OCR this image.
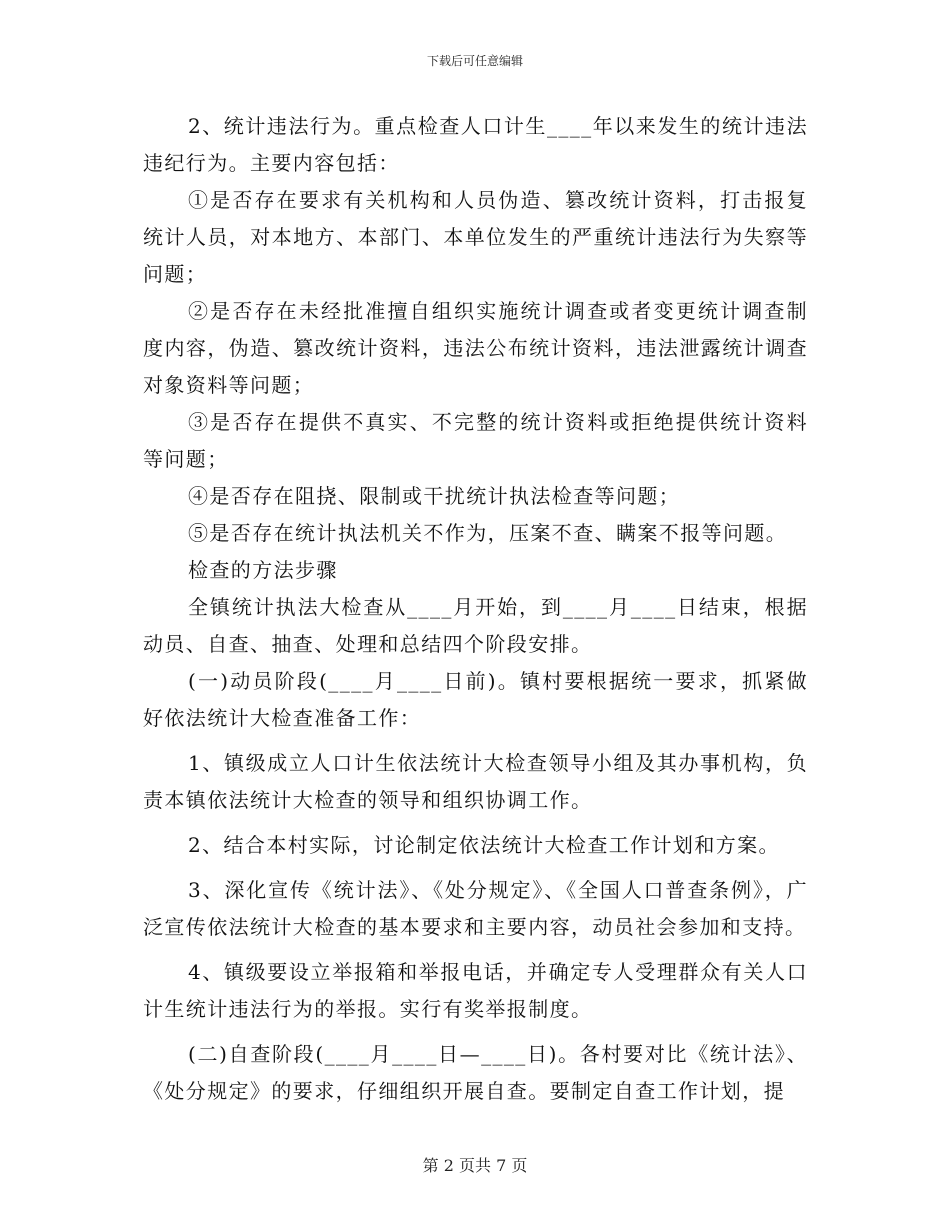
下载后可任意编辑

2、统计违法行为。重点检查人口计生____年以来发生的统计违法违纪行为。主要内容包括：

①是否存在要求有关机构和人员伪造、篡改统计资料，打击报复统计人员，对本地方、本部门、本单位发生的严重统计违法行为失察等问题；

②是否存在未经批准擅自组织实施统计调查或者变更统计调查制度内容，伪造、篡改统计资料，违法公布统计资料，违法泄露统计调查对象资料等问题；

③是否存在提供不真实、不完整的统计资料或拒绝提供统计资料等问题；

④是否存在阻挠、限制或干扰统计执法检查等问题；

⑤是否存在统计执法机关不作为，压案不查、瞒案不报等问题。

检查的方法步骤

全镇统计执法大检查从____月开始，到____月____日结束，根据动员、自查、抽查、处理和总结四个阶段安排。

(一)动员阶段(____月____日前)。镇村要根据统一要求，抓紧做好依法统计大检查准备工作：

1、镇级成立人口计生依法统计大检查领导小组及其办事机构，负责本镇依法统计大检查的领导和组织协调工作。

2、结合本村实际，讨论制定依法统计大检查工作计划和方案。

3、深化宣传《统计法》、《处分规定》、《全国人口普查条例》，广泛宣传依法统计大检查的基本要求和主要内容，动员社会参加和支持。

4、镇级要设立举报箱和举报电话，并确定专人受理群众有关人口计生统计违法行为的举报。实行有奖举报制度。

(二)自查阶段(____月____日—____日)。各村要对比《统计法》、《处分规定》的要求，仔细组织开展自查。要制定自查工作计划，提

第 2 页共 7 页
